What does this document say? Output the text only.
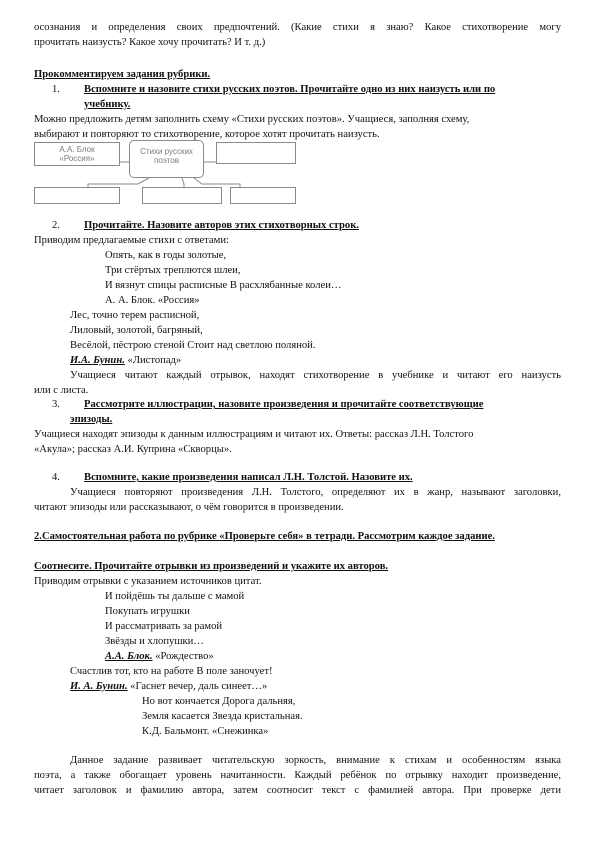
осознания и определения своих предпочтений. (Какие стихи я знаю? Какое стихотворение могу
прочитать наизусть? Какое хочу прочитать? И т. д.)
Прокомментируем задания рубрики.
1. Вспомните и назовите стихи русских поэтов. Прочитайте одно из них наизусть или по
учебнику.
Можно предложить детям заполнить схему «Стихи русских поэтов». Учащиеся, заполняя схему,
выбирают и повторяют то стихотворение, которое хотят прочитать наизусть.
А.А. Блок
«Россия»
Стихи русских
поэтов
2. Прочитайте. Назовите авторов этих стихотворных строк.
Приводим предлагаемые стихи с ответами:
Опять, как в годы золотые,
Три стёртых треплются шлеи,
И вязнут спицы расписные В расхлябанные колеи…
А. А. Блок. «Россия»
Лес, точно терем расписной,
Лиловый, золотой, багряный,
Весёлой, пёстрою стеной Стоит над светлою поляной.
И.А. Бунин. «Листопад»
Учащиеся читают каждый отрывок, находят стихотворение в учебнике и читают его наизусть
или с листа.
3. Рассмотрите иллюстрации, назовите произведения и прочитайте соответствующие
эпизоды.
Учащиеся находят эпизоды к данным иллюстрациям и читают их. Ответы: рассказ Л.Н. Толстого
«Акула»; рассказ А.И. Куприна «Скворцы».
4. Вспомните, какие произведения написал Л.Н. Толстой. Назовите их.
Учащиеся повторяют произведения Л.Н. Толстого, определяют их в жанр, называют заголовки,
читают эпизоды или рассказывают, о чём говорится в произведении.
2.Самостоятельная работа по рубрике «Проверьте себя» в тетради. Рассмотрим каждое задание.
Соотнесите. Прочитайте отрывки из произведений и укажите их авторов.
Приводим отрывки с указанием источников цитат.
И пойдёшь ты дальше с мамой
Покупать игрушки
И рассматривать за рамой
Звёзды и хлопушки…
А.А. Блок. «Рождество»
Счастлив тот, кто на работе В поле заночует!
И. А. Бунин. «Гаснет вечер, даль синеет…»
Но вот кончается Дорога дальняя,
Земля касается Звезда кристальная.
К.Д. Бальмонт. «Снежинка»
Данное задание развивает читательскую зоркость, внимание к стихам и особенностям языка
поэта, а также обогащает уровень начитанности. Каждый ребёнок по отрывку находит произведение,
читает заголовок и фамилию автора, затем соотносит текст с фамилией автора. При проверке дети
